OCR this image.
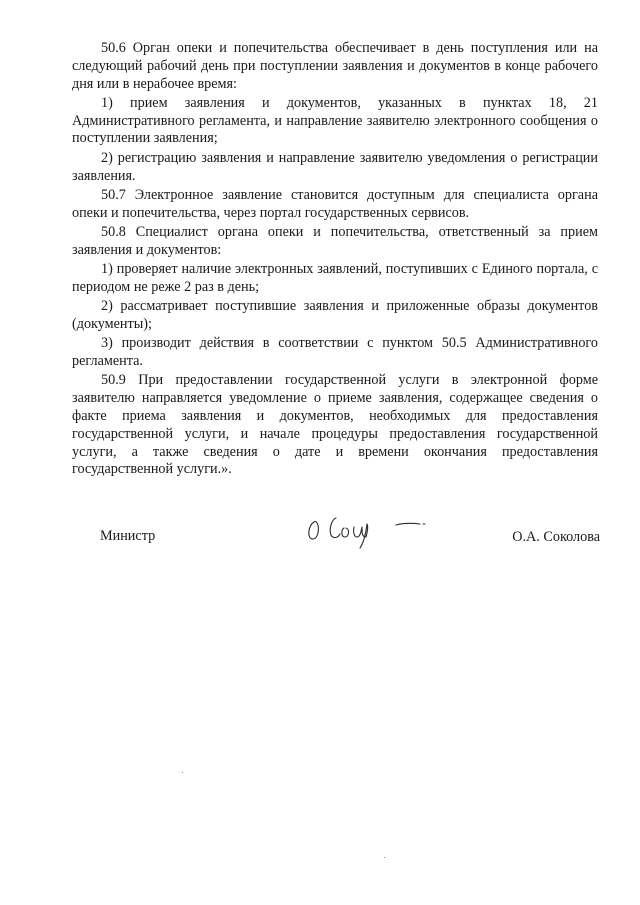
50.6 Орган опеки и попечительства обеспечивает в день поступления или на следующий рабочий день при поступлении заявления и документов в конце рабочего дня или в нерабочее время:

1) прием заявления и документов, указанных в пунктах 18, 21 Административного регламента, и направление заявителю электронного сообщения о поступлении заявления;

2) регистрацию заявления и направление заявителю уведомления о регистрации заявления.

50.7 Электронное заявление становится доступным для специалиста органа опеки и попечительства, через портал государственных сервисов.

50.8 Специалист органа опеки и попечительства, ответственный за прием заявления и документов:

1) проверяет наличие электронных заявлений, поступивших с Единого портала, с периодом не реже 2 раз в день;

2) рассматривает поступившие заявления и приложенные образы документов (документы);

3) производит действия в соответствии с пунктом 50.5 Административного регламента.

50.9 При предоставлении государственной услуги в электронной форме заявителю направляется уведомление о приеме заявления, содержащее сведения о факте приема заявления и документов, необходимых для предоставления государственной услуги, и начале процедуры предоставления государственной услуги, а также сведения о дате и времени окончания предоставления государственной услуги.».

Министр	О.А. Соколова
